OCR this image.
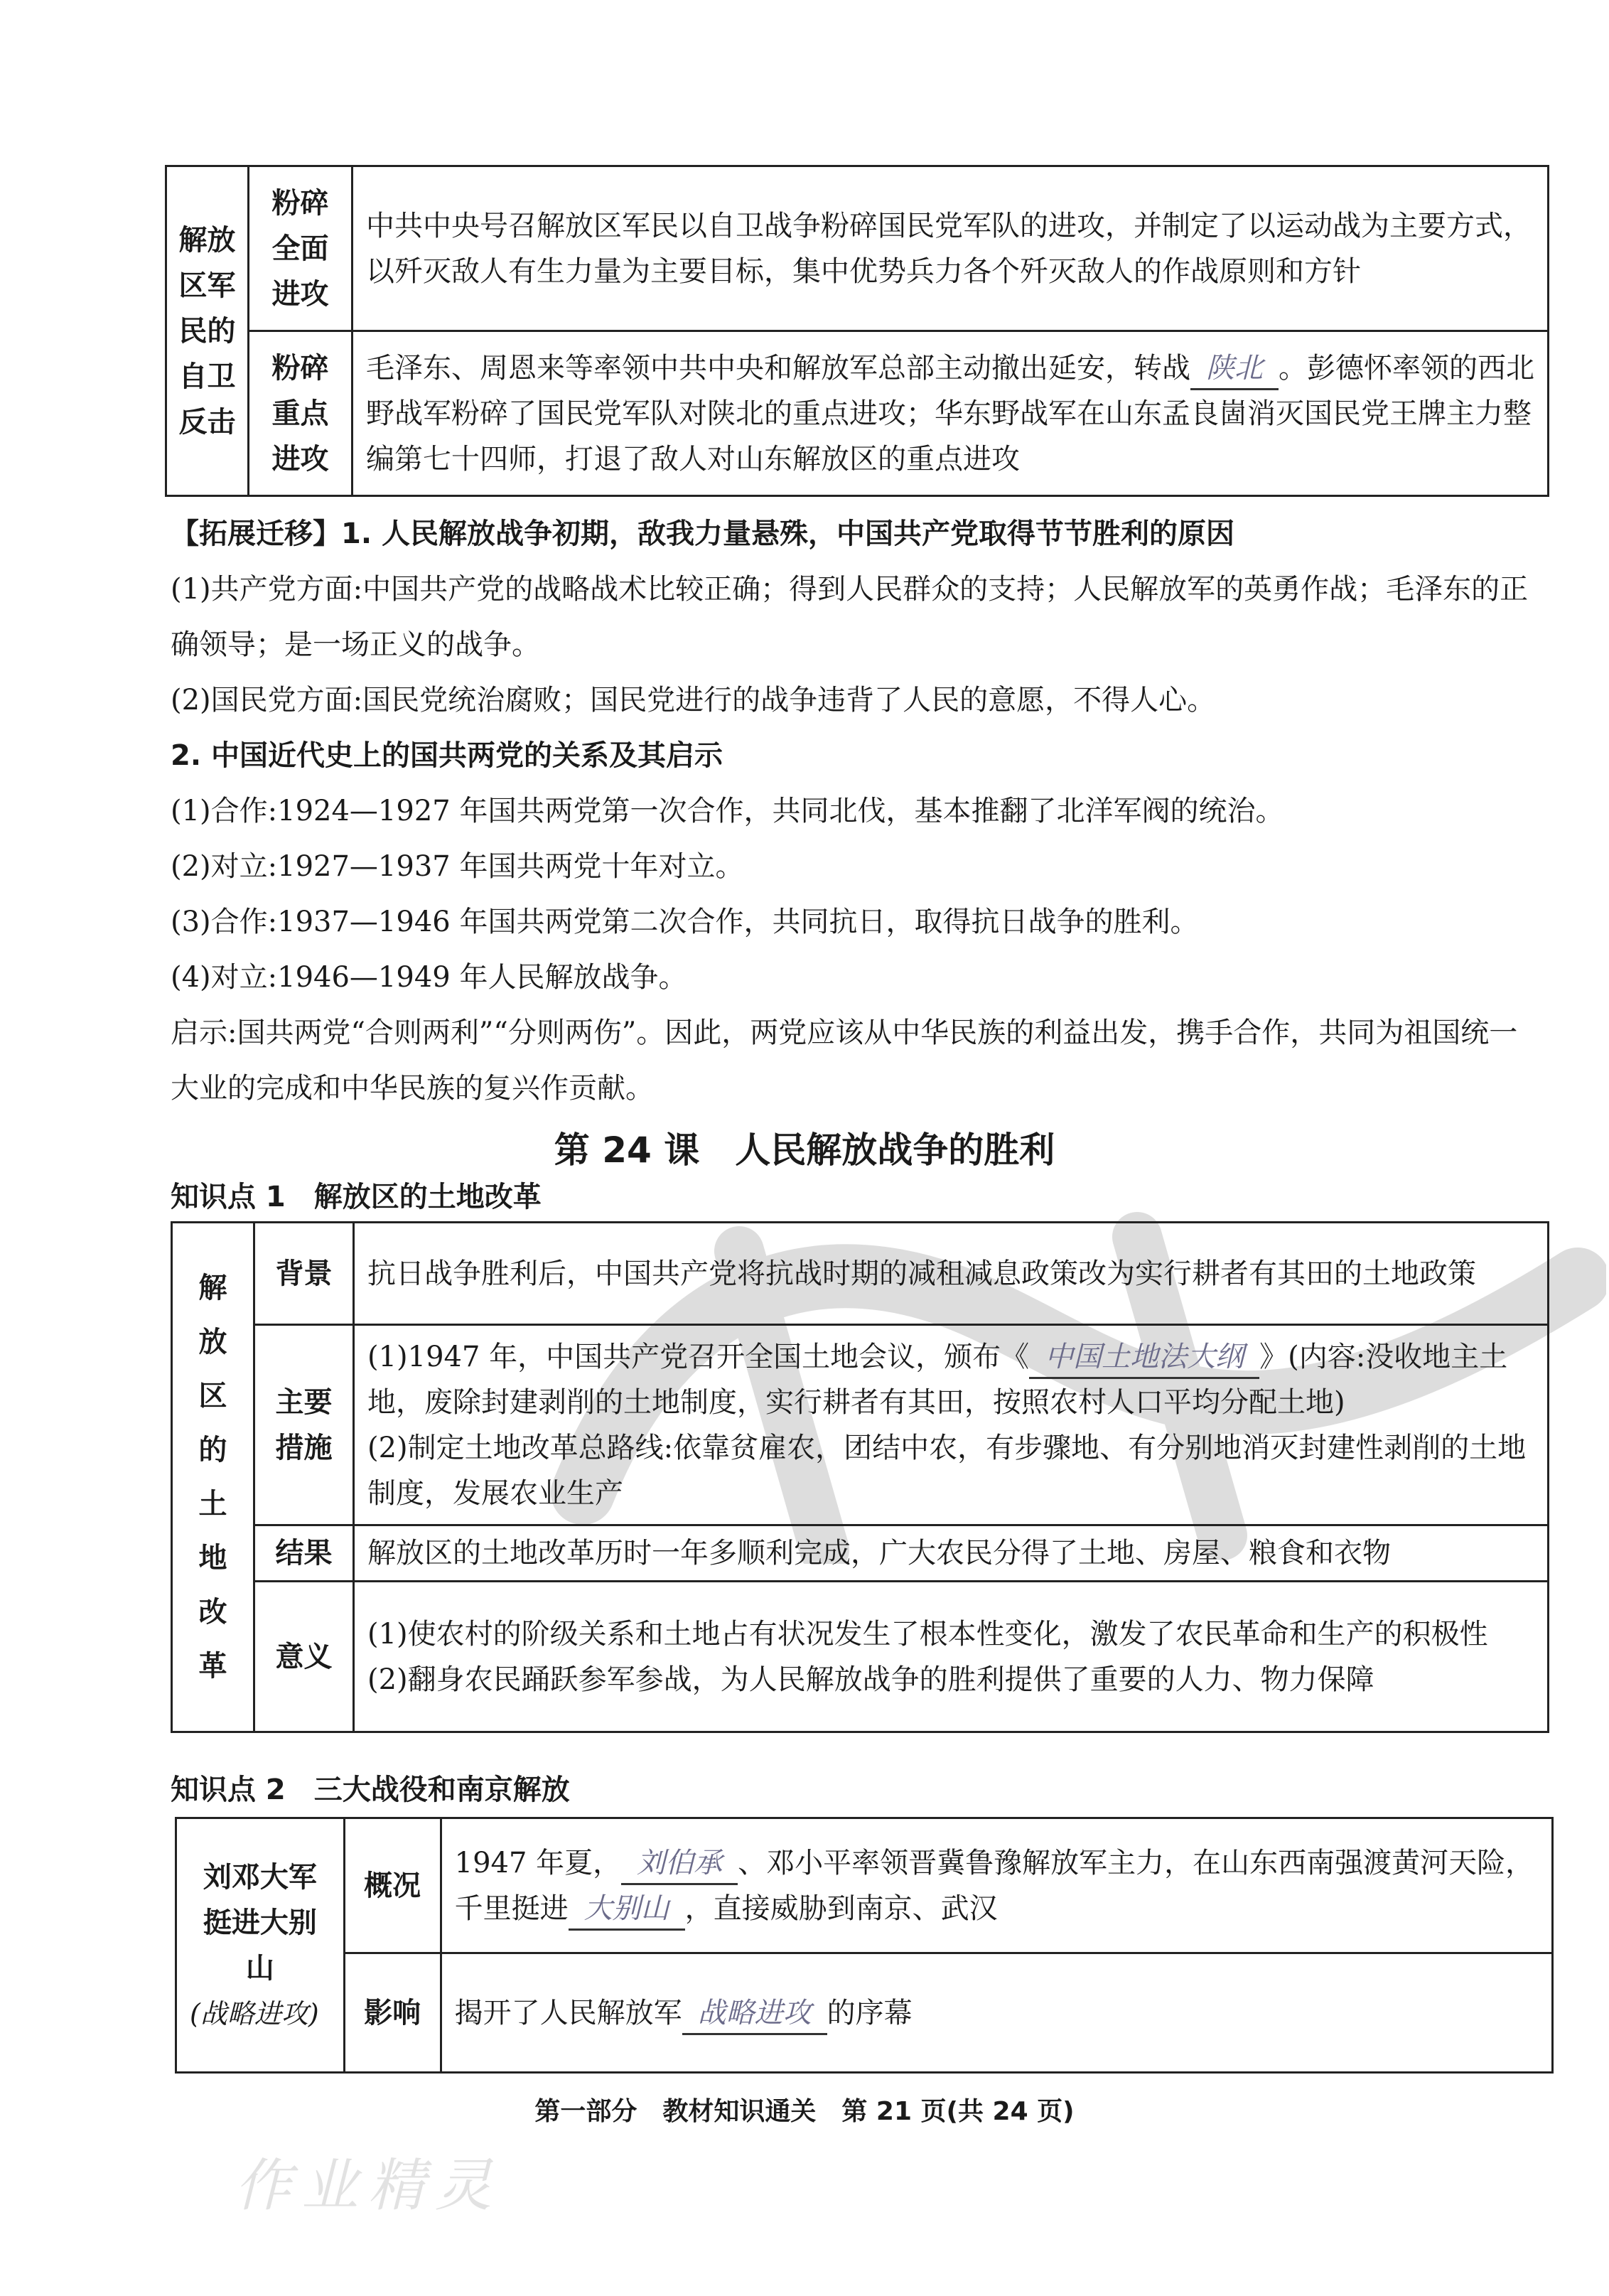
解放区军民的自卫反击	粉碎全面进攻	中共中央号召解放区军民以自卫战争粉碎国民党军队的进攻，并制定了以运动战为主要方式，以歼灭敌人有生力量为主要目标，集中优势兵力各个歼灭敌人的作战原则和方针
	粉碎重点进攻	毛泽东、周恩来等率领中共中央和解放军总部主动撤出延安，转战 陕北 。彭德怀率领的西北野战军粉碎了国民党军队对陕北的重点进攻；华东野战军在山东孟良崮消灭国民党王牌主力整编第七十四师，打退了敌人对山东解放区的重点进攻

【拓展迁移】1. 人民解放战争初期，敌我力量悬殊，中国共产党取得节节胜利的原因

(1)共产党方面:中国共产党的战略战术比较正确；得到人民群众的支持；人民解放军的英勇作战；毛泽东的正确领导；是一场正义的战争。

(2)国民党方面:国民党统治腐败；国民党进行的战争违背了人民的意愿，不得人心。

2. 中国近代史上的国共两党的关系及其启示

(1)合作:1924—1927 年国共两党第一次合作，共同北伐，基本推翻了北洋军阀的统治。

(2)对立:1927—1937 年国共两党十年对立。

(3)合作:1937—1946 年国共两党第二次合作，共同抗日，取得抗日战争的胜利。

(4)对立:1946—1949 年人民解放战争。

启示:国共两党“合则两利”“分则两伤”。因此，两党应该从中华民族的利益出发，携手合作，共同为祖国统一大业的完成和中华民族的复兴作贡献。

第 24 课　人民解放战争的胜利
知识点 1　解放区的土地改革
解放区的土地改革	背景	抗日战争胜利后，中国共产党将抗战时期的减租减息政策改为实行耕者有其田的土地政策
	主要措施	(1)1947 年，中国共产党召开全国土地会议，颁布《 中国土地法大纲 》(内容:没收地主土地，废除封建剥削的土地制度，实行耕者有其田，按照农村人口平均分配土地)
(2)制定土地改革总路线:依靠贫雇农，团结中农，有步骤地、有分别地消灭封建性剥削的土地制度，发展农业生产

	结果	解放区的土地改革历时一年多顺利完成，广大农民分得了土地、房屋、粮食和衣物
	意义	(1)使农村的阶级关系和土地占有状况发生了根本性变化，激发了农民革命和生产的积极性
(2)翻身农民踊跃参军参战，为人民解放战争的胜利提供了重要的人力、物力保障
知识点 2　三大战役和南京解放
刘邓大军挺进大别山
(战略进攻)	概况	1947 年夏， 刘伯承 、邓小平率领晋冀鲁豫解放军主力，在山东西南强渡黄河天险，千里挺进 大别山 ，直接威胁到南京、武汉
	影响	揭开了人民解放军 战略进攻 的序幕
第一部分　教材知识通关　第 21 页(共 24 页)
作业精灵
